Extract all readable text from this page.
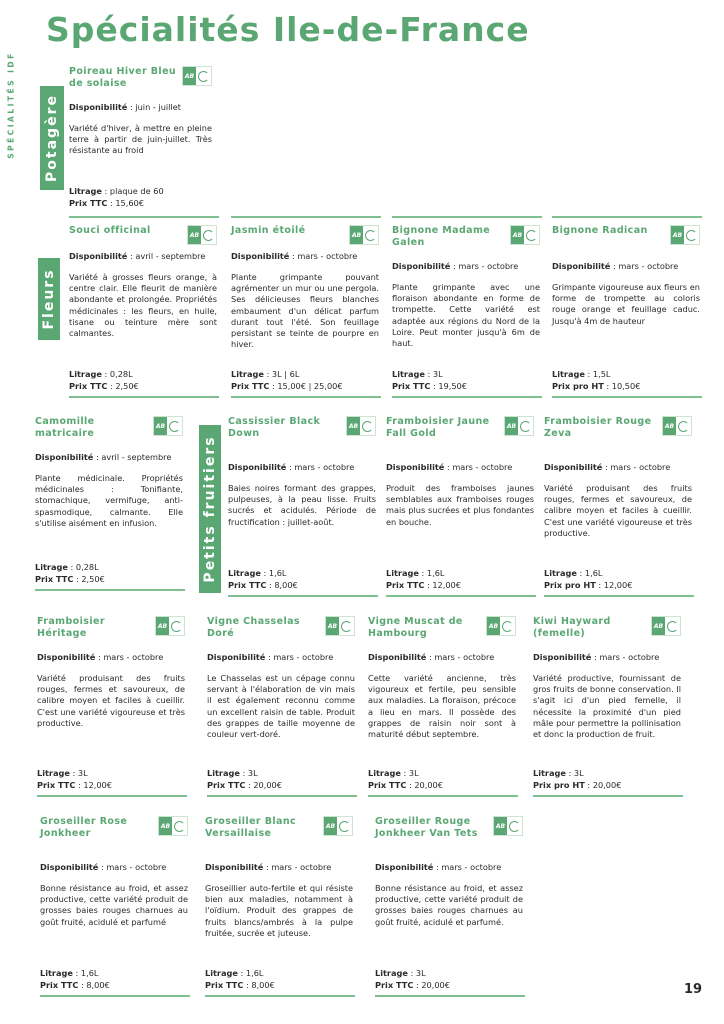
SPÉCIALITÉS IDF
Spécialités Ile-de-France
Potagère
Fleurs
Petits fruitiers
Poireau Hiver Bleu de solaise
AB
Disponibilité : juin - juillet

Variété d'hiver, à mettre en pleine terre à partir de juin-juillet. Très résistante au froid

Litrage : plaque de 60
Prix TTC : 15,60€
Souci officinal	AB
Disponibilité : avril - septembre

Variété à grosses fleurs orange, à centre clair. Elle fleurit de manière abondante et prolongée. Propriétés médicinales : les fleurs, en huile, tisane ou teinture mère sont calmantes.

Litrage : 0,28L
Prix TTC : 2,50€
Jasmin étoilé	AB
Disponibilité : mars - octobre

Plante grimpante pouvant agrémenter un mur ou une pergola. Ses délicieuses fleurs blanches embaument d'un délicat parfum durant tout l'été. Son feuillage persistant se teinte de pourpre en hiver.

Litrage : 3L | 6L
Prix TTC : 15,00€ | 25,00€
Bignone Madame Galen
AB
Disponibilité : mars - octobre

Plante grimpante avec une floraison abondante en forme de trompette. Cette variété est adaptée aux régions du Nord de la Loire. Peut monter jusqu'à 6m de haut.

Litrage : 3L
Prix TTC : 19,50€
Bignone Radican	AB
Disponibilité : mars - octobre

Grimpante vigoureuse aux fleurs en forme de trompette au coloris rouge orange et feuillage caduc. Jusqu'à 4m de hauteur

Litrage : 1,5L
Prix pro HT : 10,50€
Camomille matricaire
AB
Disponibilité : avril - septembre

Plante médicinale. Propriétés médicinales : Tonifiante, stomachique, vermifuge, anti-spasmodique, calmante. Elle s'utilise aisément en infusion.

Litrage : 0,28L
Prix TTC : 2,50€
Cassissier Black Down
AB
Disponibilité : mars - octobre

Baies noires formant des grappes, pulpeuses, à la peau lisse. Fruits sucrés et acidulés. Période de fructification : juillet-août.

Litrage : 1,6L
Prix TTC : 8,00€
Framboisier Jaune Fall Gold
AB
Disponibilité : mars - octobre

Produit des framboises jaunes semblables aux framboises rouges mais plus sucrées et plus fondantes en bouche.

Litrage : 1,6L
Prix TTC : 12,00€
Framboisier Rouge Zeva
AB
Disponibilité : mars - octobre

Variété produisant des fruits rouges, fermes et savoureux, de calibre moyen et faciles à cueillir. C'est une variété vigoureuse et très productive.

Litrage : 1,6L
Prix pro HT : 12,00€
Framboisier Héritage
AB
Disponibilité : mars - octobre

Variété produisant des fruits rouges, fermes et savoureux, de calibre moyen et faciles à cueillir. C'est une variété vigoureuse et très productive.

Litrage : 3L
Prix TTC : 12,00€
Vigne Chasselas Doré
AB
Disponibilité : mars - octobre

Le Chasselas est un cépage connu servant à l'élaboration de vin mais il est également reconnu comme un excellent raisin de table. Produit des grappes de taille moyenne de couleur vert-doré.

Litrage : 3L
Prix TTC : 20,00€
Vigne Muscat de Hambourg
AB
Disponibilité : mars - octobre

Cette variété ancienne, très vigoureux et fertile, peu sensible aux maladies. La floraison, précoce a lieu en mars. Il possède des grappes de raisin noir sont à maturité début septembre.

Litrage : 3L
Prix TTC : 20,00€
Kiwi Hayward (femelle)
AB
Disponibilité : mars - octobre

Variété productive, fournissant de gros fruits de bonne conservation. Il s'agit ici d'un pied femelle, il nécessite la proximité d'un pied mâle pour permettre la pollinisation et donc la production de fruit.

Litrage : 3L
Prix pro HT : 20,00€
Groseiller Rose Jonkheer
AB
Disponibilité : mars - octobre

Bonne résistance au froid, et assez productive, cette variété produit de grosses baies rouges charnues au goût fruité, acidulé et parfumé

Litrage : 1,6L
Prix TTC : 8,00€
Groseiller Blanc Versaillaise
AB
Disponibilité : mars - octobre

Groseillier auto-fertile et qui résiste bien aux maladies, notamment à l'oïdium. Produit des grappes de fruits blancs/ambrés à la pulpe fruitée, sucrée et juteuse.

Litrage : 1,6L
Prix TTC : 8,00€
Groseiller Rouge Jonkheer Van Tets
AB
Disponibilité : mars - octobre

Bonne résistance au froid, et assez productive, cette variété produit de grosses baies rouges charnues au goût fruité, acidulé et parfumé.

Litrage : 3L
Prix TTC : 20,00€	19
